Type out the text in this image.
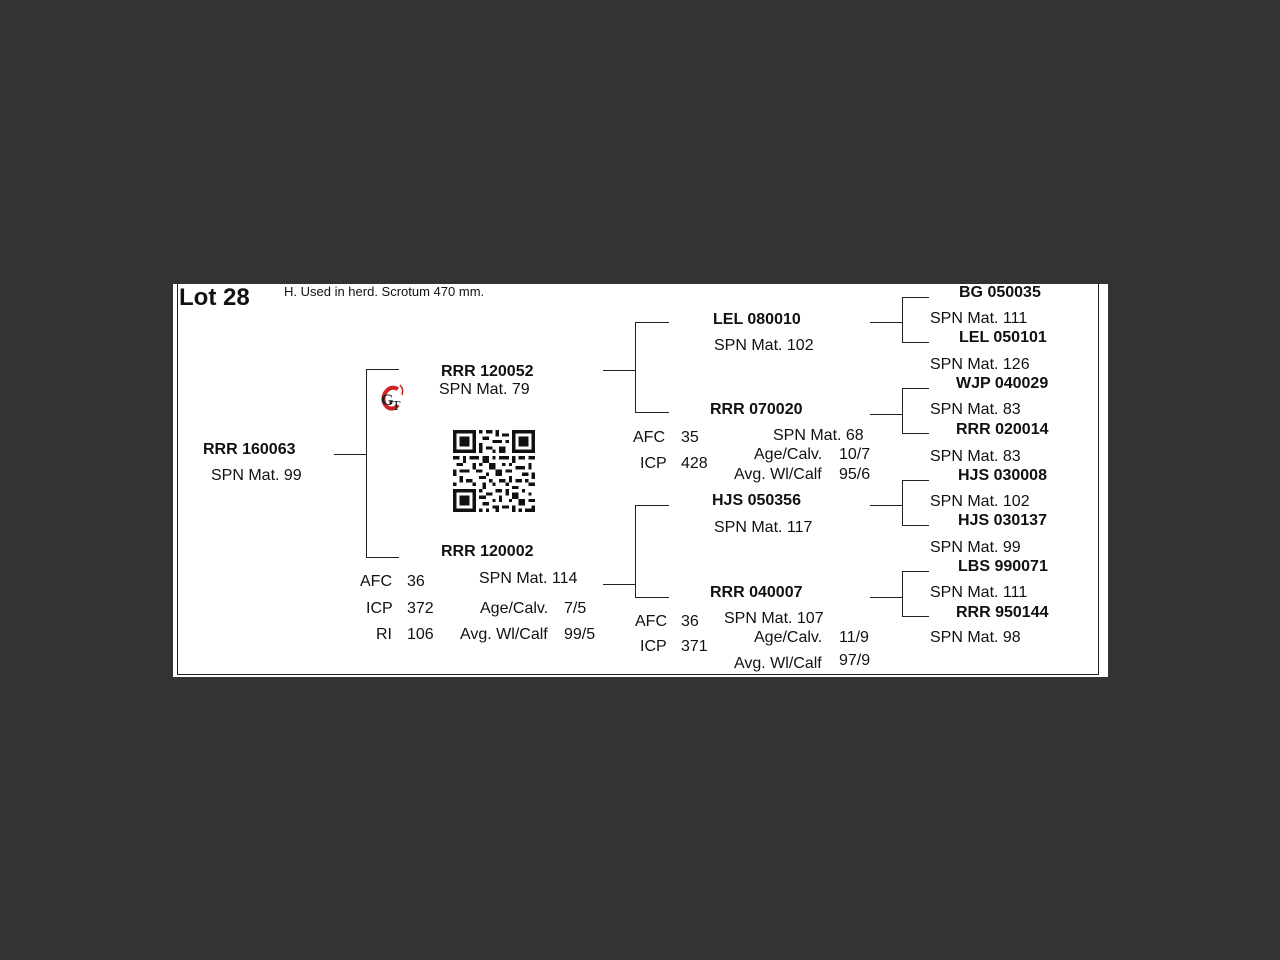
Lot 28	H. Used in herd. Scrotum 470 mm.
RRR 160063
SPN Mat. 99
G
T
RRR 120052
SPN Mat. 79
RRR 120002
SPN Mat. 114
AFC 36
ICP 372
RI 106
Age/Calv. 7/5
Avg. Wl/Calf 99/5
LEL 080010
SPN Mat. 102
RRR 070020
SPN Mat. 68
AFC 35
ICP 428
Age/Calv. 10/7
Avg. Wl/Calf 95/6
HJS 050356
SPN Mat. 117
RRR 040007
SPN Mat. 107
AFC 36
ICP 371
Age/Calv. 11/9
Avg. Wl/Calf 97/9
BG 050035
SPN Mat. 111
LEL 050101
SPN Mat. 126
WJP 040029
SPN Mat. 83
RRR 020014
SPN Mat. 83
HJS 030008
SPN Mat. 102
HJS 030137
SPN Mat. 99
LBS 990071
SPN Mat. 111
RRR 950144
SPN Mat. 98
